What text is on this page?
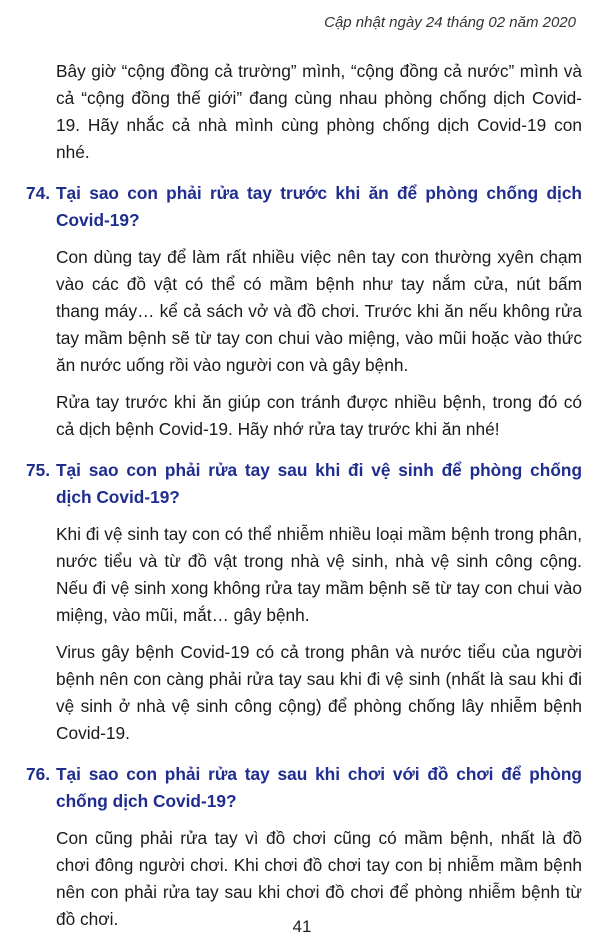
Cập nhật ngày 24 tháng 02 năm 2020

Bây giờ “cộng đồng cả trường” mình, “cộng đồng cả nước” mình và cả “cộng đồng thế giới” đang cùng nhau phòng chống dịch Covid-19. Hãy nhắc cả nhà mình cùng phòng chống dịch Covid-19 con nhé.

74. Tại sao con phải rửa tay trước khi ăn để phòng chống dịch Covid-19?

Con dùng tay để làm rất nhiều việc nên tay con thường xyên chạm vào các đồ vật có thể có mầm bệnh như tay nắm cửa, nút bấm thang máy… kể cả sách vở và đồ chơi. Trước khi ăn nếu không rửa tay mầm bệnh sẽ từ tay con chui vào miệng, vào mũi hoặc vào thức ăn nước uống rồi vào người con và gây bệnh.

Rửa tay trước khi ăn giúp con tránh được nhiều bệnh, trong đó có cả dịch bệnh Covid-19. Hãy nhớ rửa tay trước khi ăn nhé!

75. Tại sao con phải rửa tay sau khi đi vệ sinh để phòng chống dịch Covid-19?

Khi đi vệ sinh tay con có thể nhiễm nhiều loại mầm bệnh trong phân, nước tiểu và từ đồ vật trong nhà vệ sinh, nhà vệ sinh công cộng. Nếu đi vệ sinh xong không rửa tay mầm bệnh sẽ từ tay con chui vào miệng, vào mũi, mắt… gây bệnh.

Virus gây bệnh Covid-19 có cả trong phân và nước tiểu của người bệnh nên con càng phải rửa tay sau khi đi vệ sinh (nhất là sau khi đi vệ sinh ở nhà vệ sinh công cộng) để phòng chống lây nhiễm bệnh Covid-19.

76. Tại sao con phải rửa tay sau khi chơi với đồ chơi để phòng chống dịch Covid-19?

Con cũng phải rửa tay vì đồ chơi cũng có mầm bệnh, nhất là đồ chơi đông người chơi. Khi chơi đồ chơi tay con bị nhiễm mầm bệnh nên con phải rửa tay sau khi chơi đồ chơi để phòng nhiễm bệnh từ đồ chơi.	41
